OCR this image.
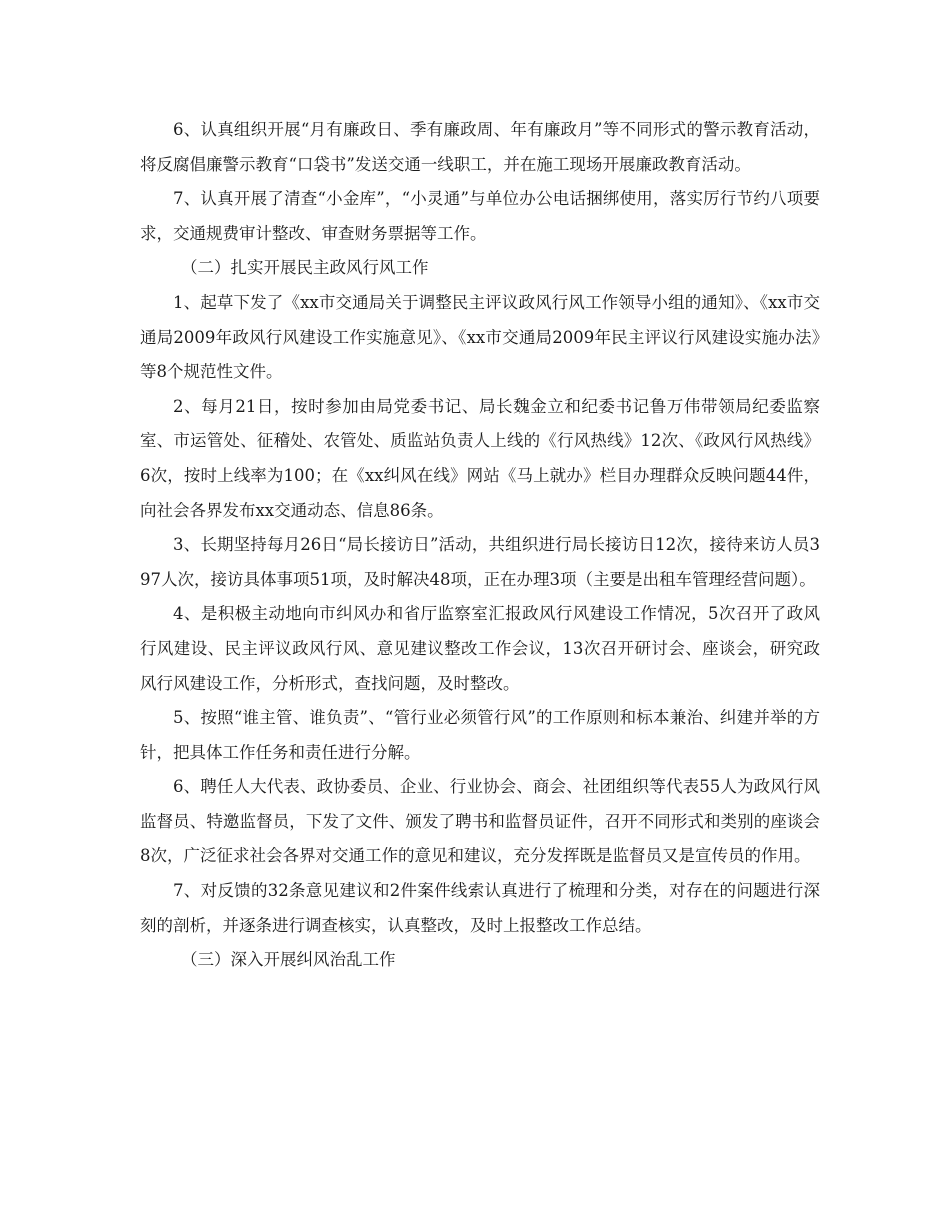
6、认真组织开展“月有廉政日、季有廉政周、年有廉政月”等不同形式的警示教育活动，将反腐倡廉警示教育“口袋书”发送交通一线职工，并在施工现场开展廉政教育活动。

7、认真开展了清查“小金库”，“小灵通”与单位办公电话捆绑使用，落实厉行节约八项要求，交通规费审计整改、审查财务票据等工作。

（二）扎实开展民主政风行风工作

1、起草下发了《xx市交通局关于调整民主评议政风行风工作领导小组的通知》、《xx市交通局2009年政风行风建设工作实施意见》、《xx市交通局2009年民主评议行风建设实施办法》等8个规范性文件。

2、每月21日，按时参加由局党委书记、局长魏金立和纪委书记鲁万伟带领局纪委监察室、市运管处、征稽处、农管处、质监站负责人上线的《行风热线》12次、《政风行风热线》6次，按时上线率为100；在《xx纠风在线》网站《马上就办》栏目办理群众反映问题44件，向社会各界发布xx交通动态、信息86条。

3、长期坚持每月26日“局长接访日”活动，共组织进行局长接访日12次，接待来访人员397人次，接访具体事项51项，及时解决48项，正在办理3项（主要是出租车管理经营问题）。

4、是积极主动地向市纠风办和省厅监察室汇报政风行风建设工作情况，5次召开了政风行风建设、民主评议政风行风、意见建议整改工作会议，13次召开研讨会、座谈会，研究政风行风建设工作，分析形式，查找问题，及时整改。

5、按照“谁主管、谁负责”、“管行业必须管行风”的工作原则和标本兼治、纠建并举的方针，把具体工作任务和责任进行分解。

6、聘任人大代表、政协委员、企业、行业协会、商会、社团组织等代表55人为政风行风监督员、特邀监督员，下发了文件、颁发了聘书和监督员证件，召开不同形式和类别的座谈会8次，广泛征求社会各界对交通工作的意见和建议，充分发挥既是监督员又是宣传员的作用。

7、对反馈的32条意见建议和2件案件线索认真进行了梳理和分类，对存在的问题进行深刻的剖析，并逐条进行调查核实，认真整改，及时上报整改工作总结。

（三）深入开展纠风治乱工作
